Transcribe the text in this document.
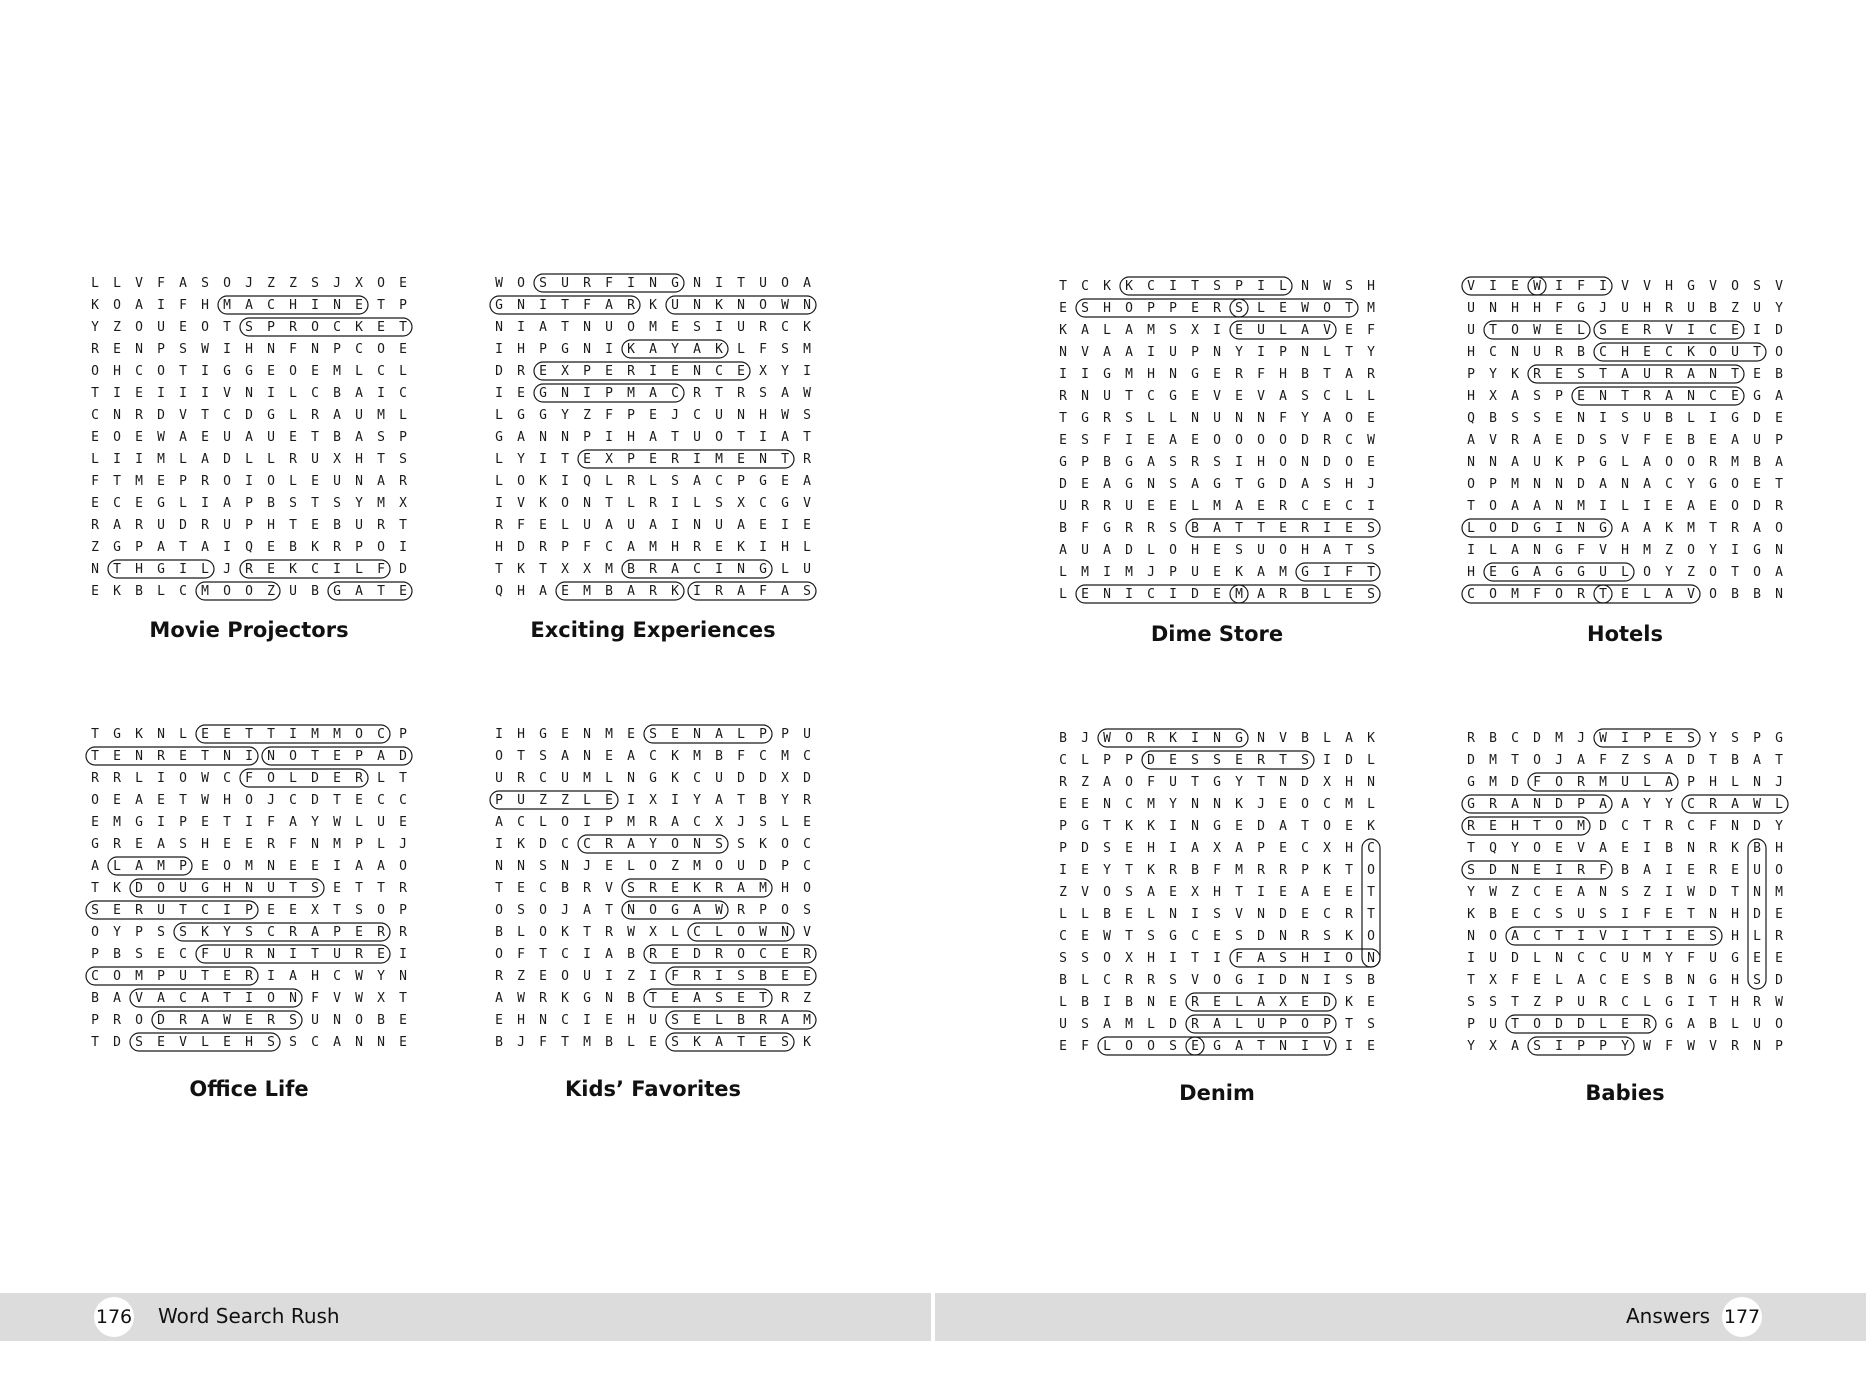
L	L	V	F	A	S	O	J	Z	Z	S	J	X	O	E
K	O	A	I	F	H	M	A	C	H	I	N	E	T	P
Y	Z	O	U	E	O	T	S	P	R	O	C	K	E	T
R	E	N	P	S	W	I	H	N	F	N	P	C	O	E
O	H	C	O	T	I	G	G	E	O	E	M	L	C	L
T	I	E	I	I	I	V	N	I	L	C	B	A	I	C
C	N	R	D	V	T	C	D	G	L	R	A	U	M	L
E	O	E	W	A	E	U	A	U	E	T	B	A	S	P
L	I	I	M	L	A	D	L	L	R	U	X	H	T	S
F	T	M	E	P	R	O	I	O	L	E	U	N	A	R
E	C	E	G	L	I	A	P	B	S	T	S	Y	M	X
R	A	R	U	D	R	U	P	H	T	E	B	U	R	T
Z	G	P	A	T	A	I	Q	E	B	K	R	P	O	I
N	T	H	G	I	L	J	R	E	K	C	I	L	F	D
E	K	B	L	C	M	O	O	Z	U	B	G	A	T	E
Movie Projectors
W	O	S	U	R	F	I	N	G	N	I	T	U	O	A
G	N	I	T	F	A	R	K	U	N	K	N	O	W	N
N	I	A	T	N	U	O	M	E	S	I	U	R	C	K
I	H	P	G	N	I	K	A	Y	A	K	L	F	S	M
D	R	E	X	P	E	R	I	E	N	C	E	X	Y	I
I	E	G	N	I	P	M	A	C	R	T	R	S	A	W
L	G	G	Y	Z	F	P	E	J	C	U	N	H	W	S
G	A	N	N	P	I	H	A	T	U	O	T	I	A	T
L	Y	I	T	E	X	P	E	R	I	M	E	N	T	R
L	O	K	I	Q	L	R	L	S	A	C	P	G	E	A
I	V	K	O	N	T	L	R	I	L	S	X	C	G	V
R	F	E	L	U	A	U	A	I	N	U	A	E	I	E
H	D	R	P	F	C	A	M	H	R	E	K	I	H	L
T	K	T	X	X	M	B	R	A	C	I	N	G	L	U
Q	H	A	E	M	B	A	R	K	I	R	A	F	A	S
Exciting Experiences
T	C	K	K	C	I	T	S	P	I	L	N	W	S	H
E	S	H	O	P	P	E	R	S	L	E	W	O	T	M
K	A	L	A	M	S	X	I	E	U	L	A	V	E	F
N	V	A	A	I	U	P	N	Y	I	P	N	L	T	Y
I	I	G	M	H	N	G	E	R	F	H	B	T	A	R
R	N	U	T	C	G	E	V	E	V	A	S	C	L	L
T	G	R	S	L	L	N	U	N	N	F	Y	A	O	E
E	S	F	I	E	A	E	O	O	O	O	D	R	C	W
G	P	B	G	A	S	R	S	I	H	O	N	D	O	E
D	E	A	G	N	S	A	G	T	G	D	A	S	H	J
U	R	R	U	E	E	L	M	A	E	R	C	E	C	I
B	F	G	R	R	S	B	A	T	T	E	R	I	E	S
A	U	A	D	L	O	H	E	S	U	O	H	A	T	S
L	M	I	M	J	P	U	E	K	A	M	G	I	F	T
L	E	N	I	C	I	D	E	M	A	R	B	L	E	S
Dime Store
V	I	E	W	I	F	I	V	V	H	G	V	O	S	V
U	N	H	H	F	G	J	U	H	R	U	B	Z	U	Y
U	T	O	W	E	L	S	E	R	V	I	C	E	I	D
H	C	N	U	R	B	C	H	E	C	K	O	U	T	O
P	Y	K	R	E	S	T	A	U	R	A	N	T	E	B
H	X	A	S	P	E	N	T	R	A	N	C	E	G	A
Q	B	S	S	E	N	I	S	U	B	L	I	G	D	E
A	V	R	A	E	D	S	V	F	E	B	E	A	U	P
N	N	A	U	K	P	G	L	A	O	O	R	M	B	A
O	P	M	N	N	D	A	N	A	C	Y	G	O	E	T
T	O	A	A	N	M	I	L	I	E	A	E	O	D	R
L	O	D	G	I	N	G	A	A	K	M	T	R	A	O
I	L	A	N	G	F	V	H	M	Z	O	Y	I	G	N
H	E	G	A	G	G	U	L	O	Y	Z	O	T	O	A
C	O	M	F	O	R	T	E	L	A	V	O	B	B	N
Hotels
T	G	K	N	L	E	E	T	T	I	M	M	O	C	P
T	E	N	R	E	T	N	I	N	O	T	E	P	A	D
R	R	L	I	O	W	C	F	O	L	D	E	R	L	T
O	E	A	E	T	W	H	O	J	C	D	T	E	C	C
E	M	G	I	P	E	T	I	F	A	Y	W	L	U	E
G	R	E	A	S	H	E	E	R	F	N	M	P	L	J
A	L	A	M	P	E	O	M	N	E	E	I	A	A	O
T	K	D	O	U	G	H	N	U	T	S	E	T	T	R
S	E	R	U	T	C	I	P	E	E	X	T	S	O	P
O	Y	P	S	S	K	Y	S	C	R	A	P	E	R	R
P	B	S	E	C	F	U	R	N	I	T	U	R	E	I
C	O	M	P	U	T	E	R	I	A	H	C	W	Y	N
B	A	V	A	C	A	T	I	O	N	F	V	W	X	T
P	R	O	D	R	A	W	E	R	S	U	N	O	B	E
T	D	S	E	V	L	E	H	S	S	C	A	N	N	E
Office Life
I	H	G	E	N	M	E	S	E	N	A	L	P	P	U
O	T	S	A	N	E	A	C	K	M	B	F	C	M	C
U	R	C	U	M	L	N	G	K	C	U	D	D	X	D
P	U	Z	Z	L	E	I	X	I	Y	A	T	B	Y	R
A	C	L	O	I	P	M	R	A	C	X	J	S	L	E
I	K	D	C	C	R	A	Y	O	N	S	S	K	O	C
N	N	S	N	J	E	L	O	Z	M	O	U	D	P	C
T	E	C	B	R	V	S	R	E	K	R	A	M	H	O
O	S	O	J	A	T	N	O	G	A	W	R	P	O	S
B	L	O	K	T	R	W	X	L	C	L	O	W	N	V
O	F	T	C	I	A	B	R	E	D	R	O	C	E	R
R	Z	E	O	U	I	Z	I	F	R	I	S	B	E	E
A	W	R	K	G	N	B	T	E	A	S	E	T	R	Z
E	H	N	C	I	E	H	U	S	E	L	B	R	A	M
B	J	F	T	M	B	L	E	S	K	A	T	E	S	K
Kids’ Favorites
B	J	W	O	R	K	I	N	G	N	V	B	L	A	K
C	L	P	P	D	E	S	S	E	R	T	S	I	D	L
R	Z	A	O	F	U	T	G	Y	T	N	D	X	H	N
E	E	N	C	M	Y	N	N	K	J	E	O	C	M	L
P	G	T	K	K	I	N	G	E	D	A	T	O	E	K
P	D	S	E	H	I	A	X	A	P	E	C	X	H	C
I	E	Y	T	K	R	B	F	M	R	R	P	K	T	O
Z	V	O	S	A	E	X	H	T	I	E	A	E	E	T
L	L	B	E	L	N	I	S	V	N	D	E	C	R	T
C	E	W	T	S	G	C	E	S	D	N	R	S	K	O
S	S	O	X	H	I	T	I	F	A	S	H	I	O	N
B	L	C	R	R	S	V	O	G	I	D	N	I	S	B
L	B	I	B	N	E	R	E	L	A	X	E	D	K	E
U	S	A	M	L	D	R	A	L	U	P	O	P	T	S
E	F	L	O	O	S	E	G	A	T	N	I	V	I	E
Denim
R	B	C	D	M	J	W	I	P	E	S	Y	S	P	G
D	M	T	O	J	A	F	Z	S	A	D	T	B	A	T
G	M	D	F	O	R	M	U	L	A	P	H	L	N	J
G	R	A	N	D	P	A	A	Y	Y	C	R	A	W	L
R	E	H	T	O	M	D	C	T	R	C	F	N	D	Y
T	Q	Y	O	E	V	A	E	I	B	N	R	K	B	H
S	D	N	E	I	R	F	B	A	I	E	R	E	U	O
Y	W	Z	C	E	A	N	S	Z	I	W	D	T	N	M
K	B	E	C	S	U	S	I	F	E	T	N	H	D	E
N	O	A	C	T	I	V	I	T	I	E	S	H	L	R
I	U	D	L	N	C	C	U	M	Y	F	U	G	E	E
T	X	F	E	L	A	C	E	S	B	N	G	H	S	D
S	S	T	Z	P	U	R	C	L	G	I	T	H	R	W
P	U	T	O	D	D	L	E	R	G	A	B	L	U	O
Y	X	A	S	I	P	P	Y	W	F	W	V	R	N	P
Babies
176 Word Search Rush	Answers 177
